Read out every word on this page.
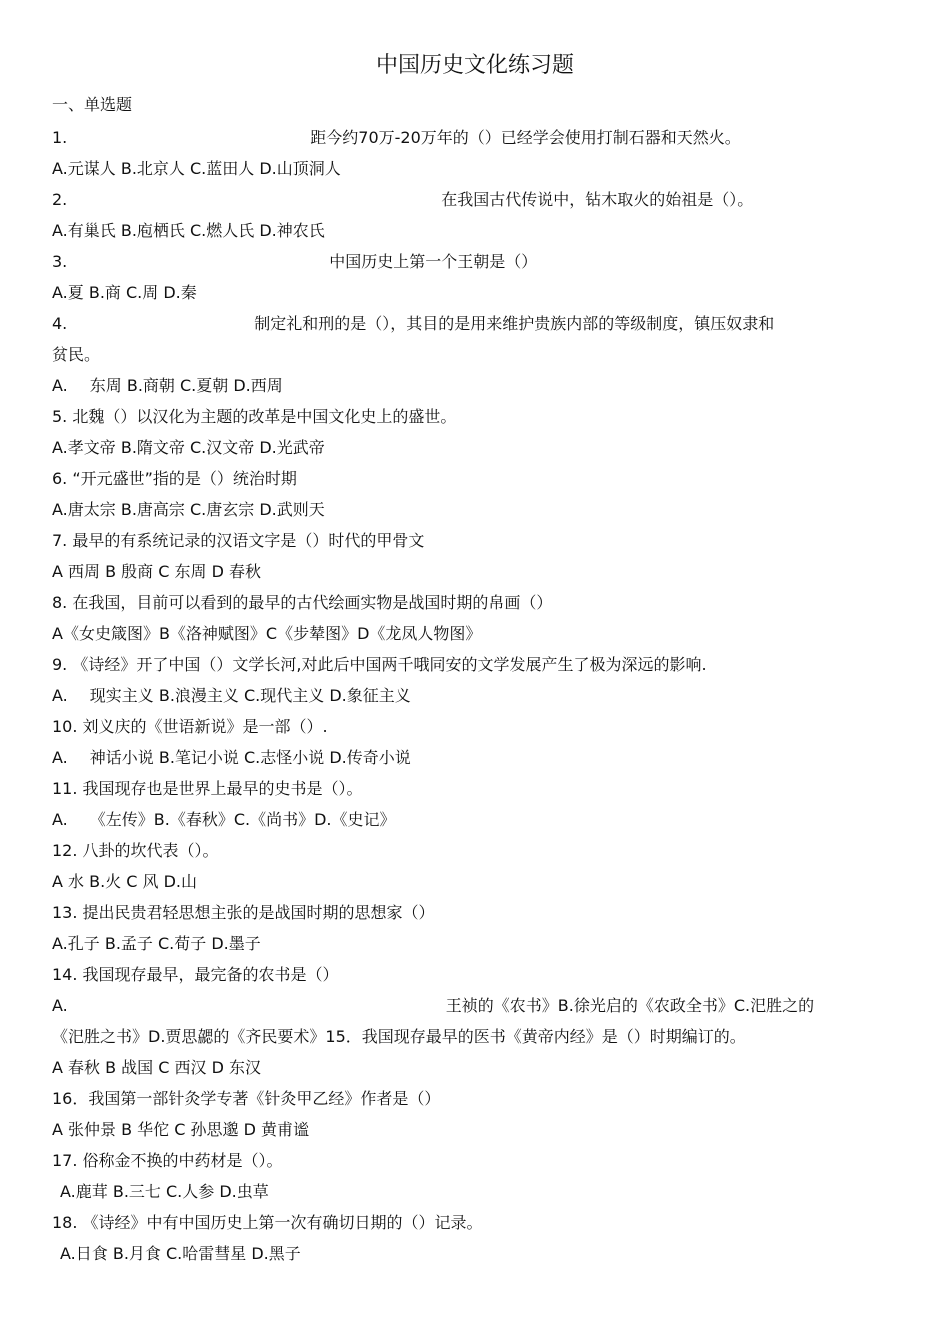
中国历史文化练习题
一、单选题
1.	距今约70万-20万年的（）已经学会使用打制石器和天然火。
A.元谋人 B.北京人 C.蓝田人 D.山顶洞人
2.	在我国古代传说中，钻木取火的始祖是（）。
A.有巢氏 B.庖栖氏 C.燃人氏 D.神农氏
3.	中国历史上第一个王朝是（）
A.夏 B.商 C.周 D.秦
4.	制定礼和刑的是（），其目的是用来维护贵族内部的等级制度，镇压奴隶和
贫民。
A. 东周 B.商朝 C.夏朝 D.西周
5. 北魏（）以汉化为主题的改革是中国文化史上的盛世。
A.孝文帝 B.隋文帝 C.汉文帝 D.光武帝
6. “开元盛世”指的是（）统治时期
A.唐太宗 B.唐高宗 C.唐玄宗 D.武则天
7. 最早的有系统记录的汉语文字是（）时代的甲骨文
A 西周 B 殷商 C 东周 D 春秋
8. 在我国，目前可以看到的最早的古代绘画实物是战国时期的帛画（）
A《女史箴图》B《洛神赋图》C《步辇图》D《龙凤人物图》
9. 《诗经》开了中国（）文学长河,对此后中国两千哦同安的文学发展产生了极为深远的影响.
A. 现实主义 B.浪漫主义 C.现代主义 D.象征主义
10. 刘义庆的《世语新说》是一部（）.
A. 神话小说 B.笔记小说 C.志怪小说 D.传奇小说
11. 我国现存也是世界上最早的史书是（）。
A. 《左传》B.《春秋》C.《尚书》D.《史记》
12. 八卦的坎代表（）。
A 水 B.火 C 风 D.山
13. 提出民贵君轻思想主张的是战国时期的思想家（）
A.孔子 B.孟子 C.荀子 D.墨子
14. 我国现存最早，最完备的农书是（）
A.	王祯的《农书》B.徐光启的《农政全书》C.汜胜之的
《汜胜之书》D.贾思勰的《齐民要术》15．我国现存最早的医书《黄帝内经》是（）时期编订的。
A 春秋 B 战国 C 西汉 D 东汉
16．我国第一部针灸学专著《针灸甲乙经》作者是（）
A 张仲景 B 华佗 C 孙思邈 D 黄甫谧
17. 俗称金不换的中药材是（）。
A.鹿茸 B.三七 C.人参 D.虫草
18. 《诗经》中有中国历史上第一次有确切日期的（）记录。
A.日食 B.月食 C.哈雷彗星 D.黑子
